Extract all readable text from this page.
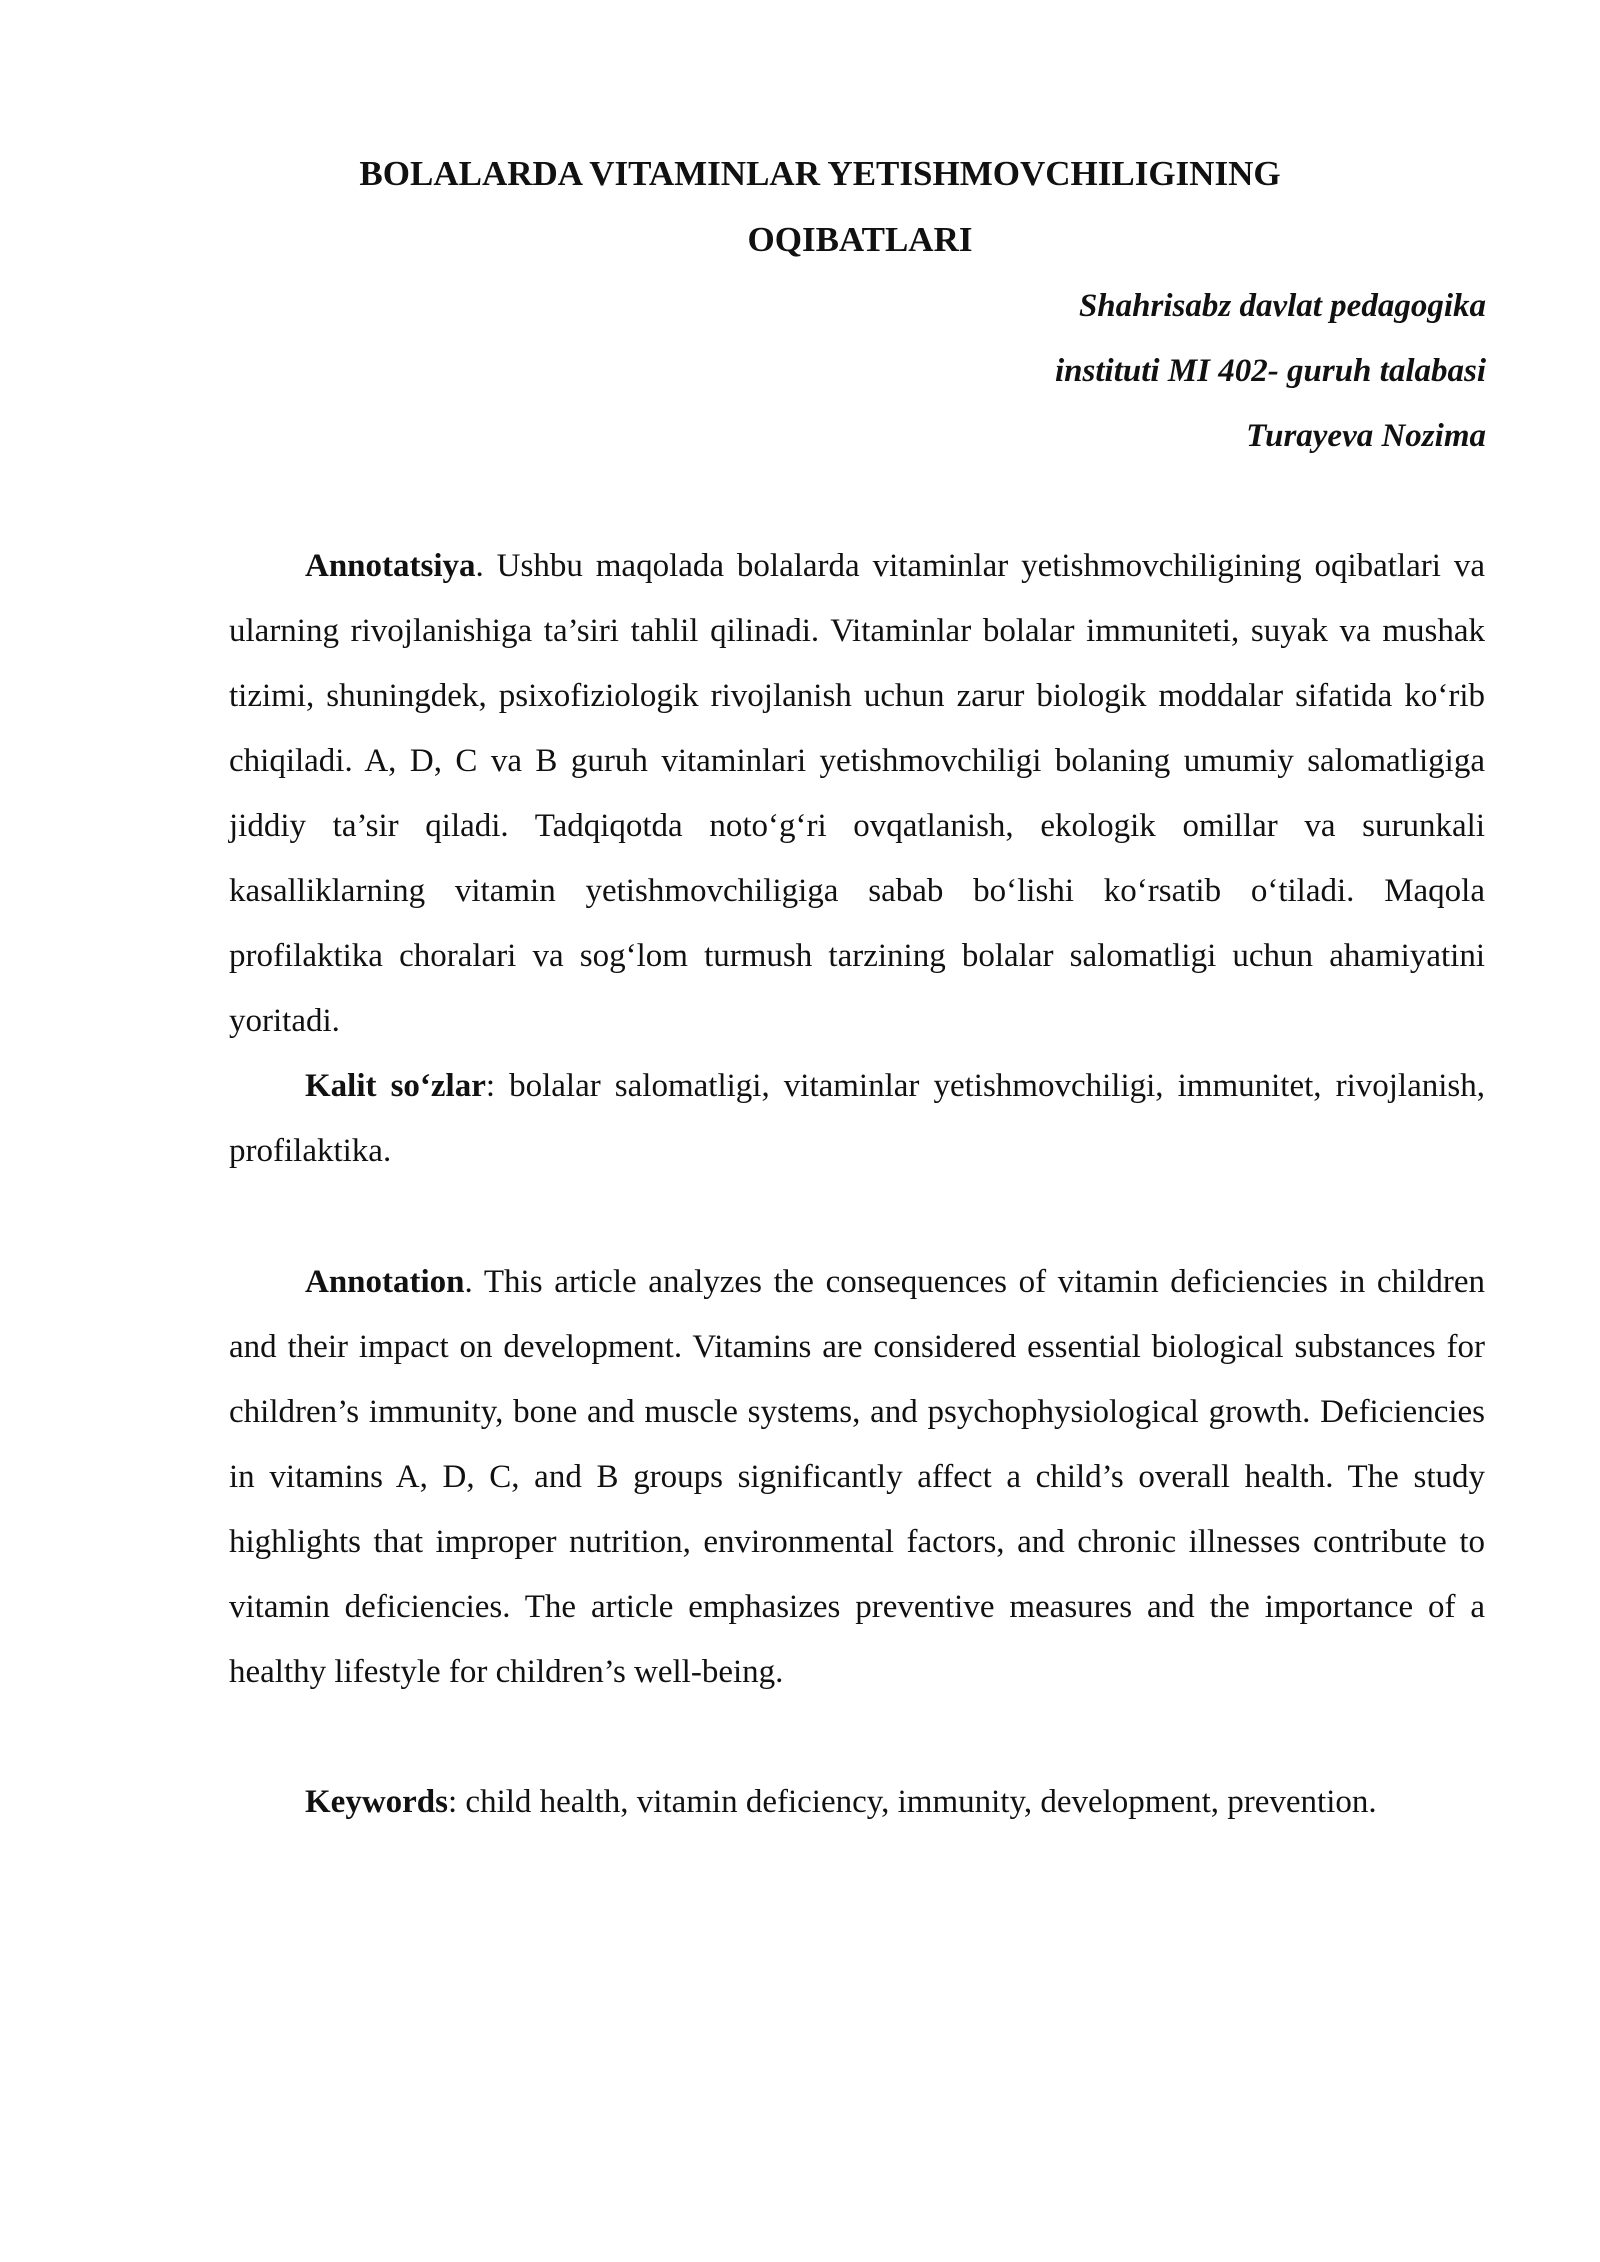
BOLALARDA VITAMINLAR YETISHMOVCHILIGINING
OQIBATLARI
Shahrisabz davlat pedagogika
instituti MI 402- guruh talabasi
Turayeva Nozima

Annotatsiya. Ushbu maqolada bolalarda vitaminlar yetishmovchiligining oqibatlari va ularning rivojlanishiga ta’siri tahlil qilinadi. Vitaminlar bolalar immuniteti, suyak va mushak tizimi, shuningdek, psixofiziologik rivojlanish uchun zarur biologik moddalar sifatida ko‘rib chiqiladi. A, D, C va B guruh vitaminlari yetishmovchiligi bolaning umumiy salomatligiga jiddiy ta’sir qiladi. Tadqiqotda noto‘g‘ri ovqatlanish, ekologik omillar va surunkali kasalliklarning vitamin yetishmovchiligiga sabab bo‘lishi ko‘rsatib o‘tiladi. Maqola profilaktika choralari va sog‘lom turmush tarzining bolalar salomatligi uchun ahamiyatini yoritadi.

Kalit so‘zlar: bolalar salomatligi, vitaminlar yetishmovchiligi, immunitet, rivojlanish, profilaktika.

Annotation. This article analyzes the consequences of vitamin deficiencies in children and their impact on development. Vitamins are considered essential biological substances for children’s immunity, bone and muscle systems, and psychophysiological growth. Deficiencies in vitamins A, D, C, and B groups significantly affect a child’s overall health. The study highlights that improper nutrition, environmental factors, and chronic illnesses contribute to vitamin deficiencies. The article emphasizes preventive measures and the importance of a healthy lifestyle for children’s well-being.

Keywords: child health, vitamin deficiency, immunity, development, prevention.
